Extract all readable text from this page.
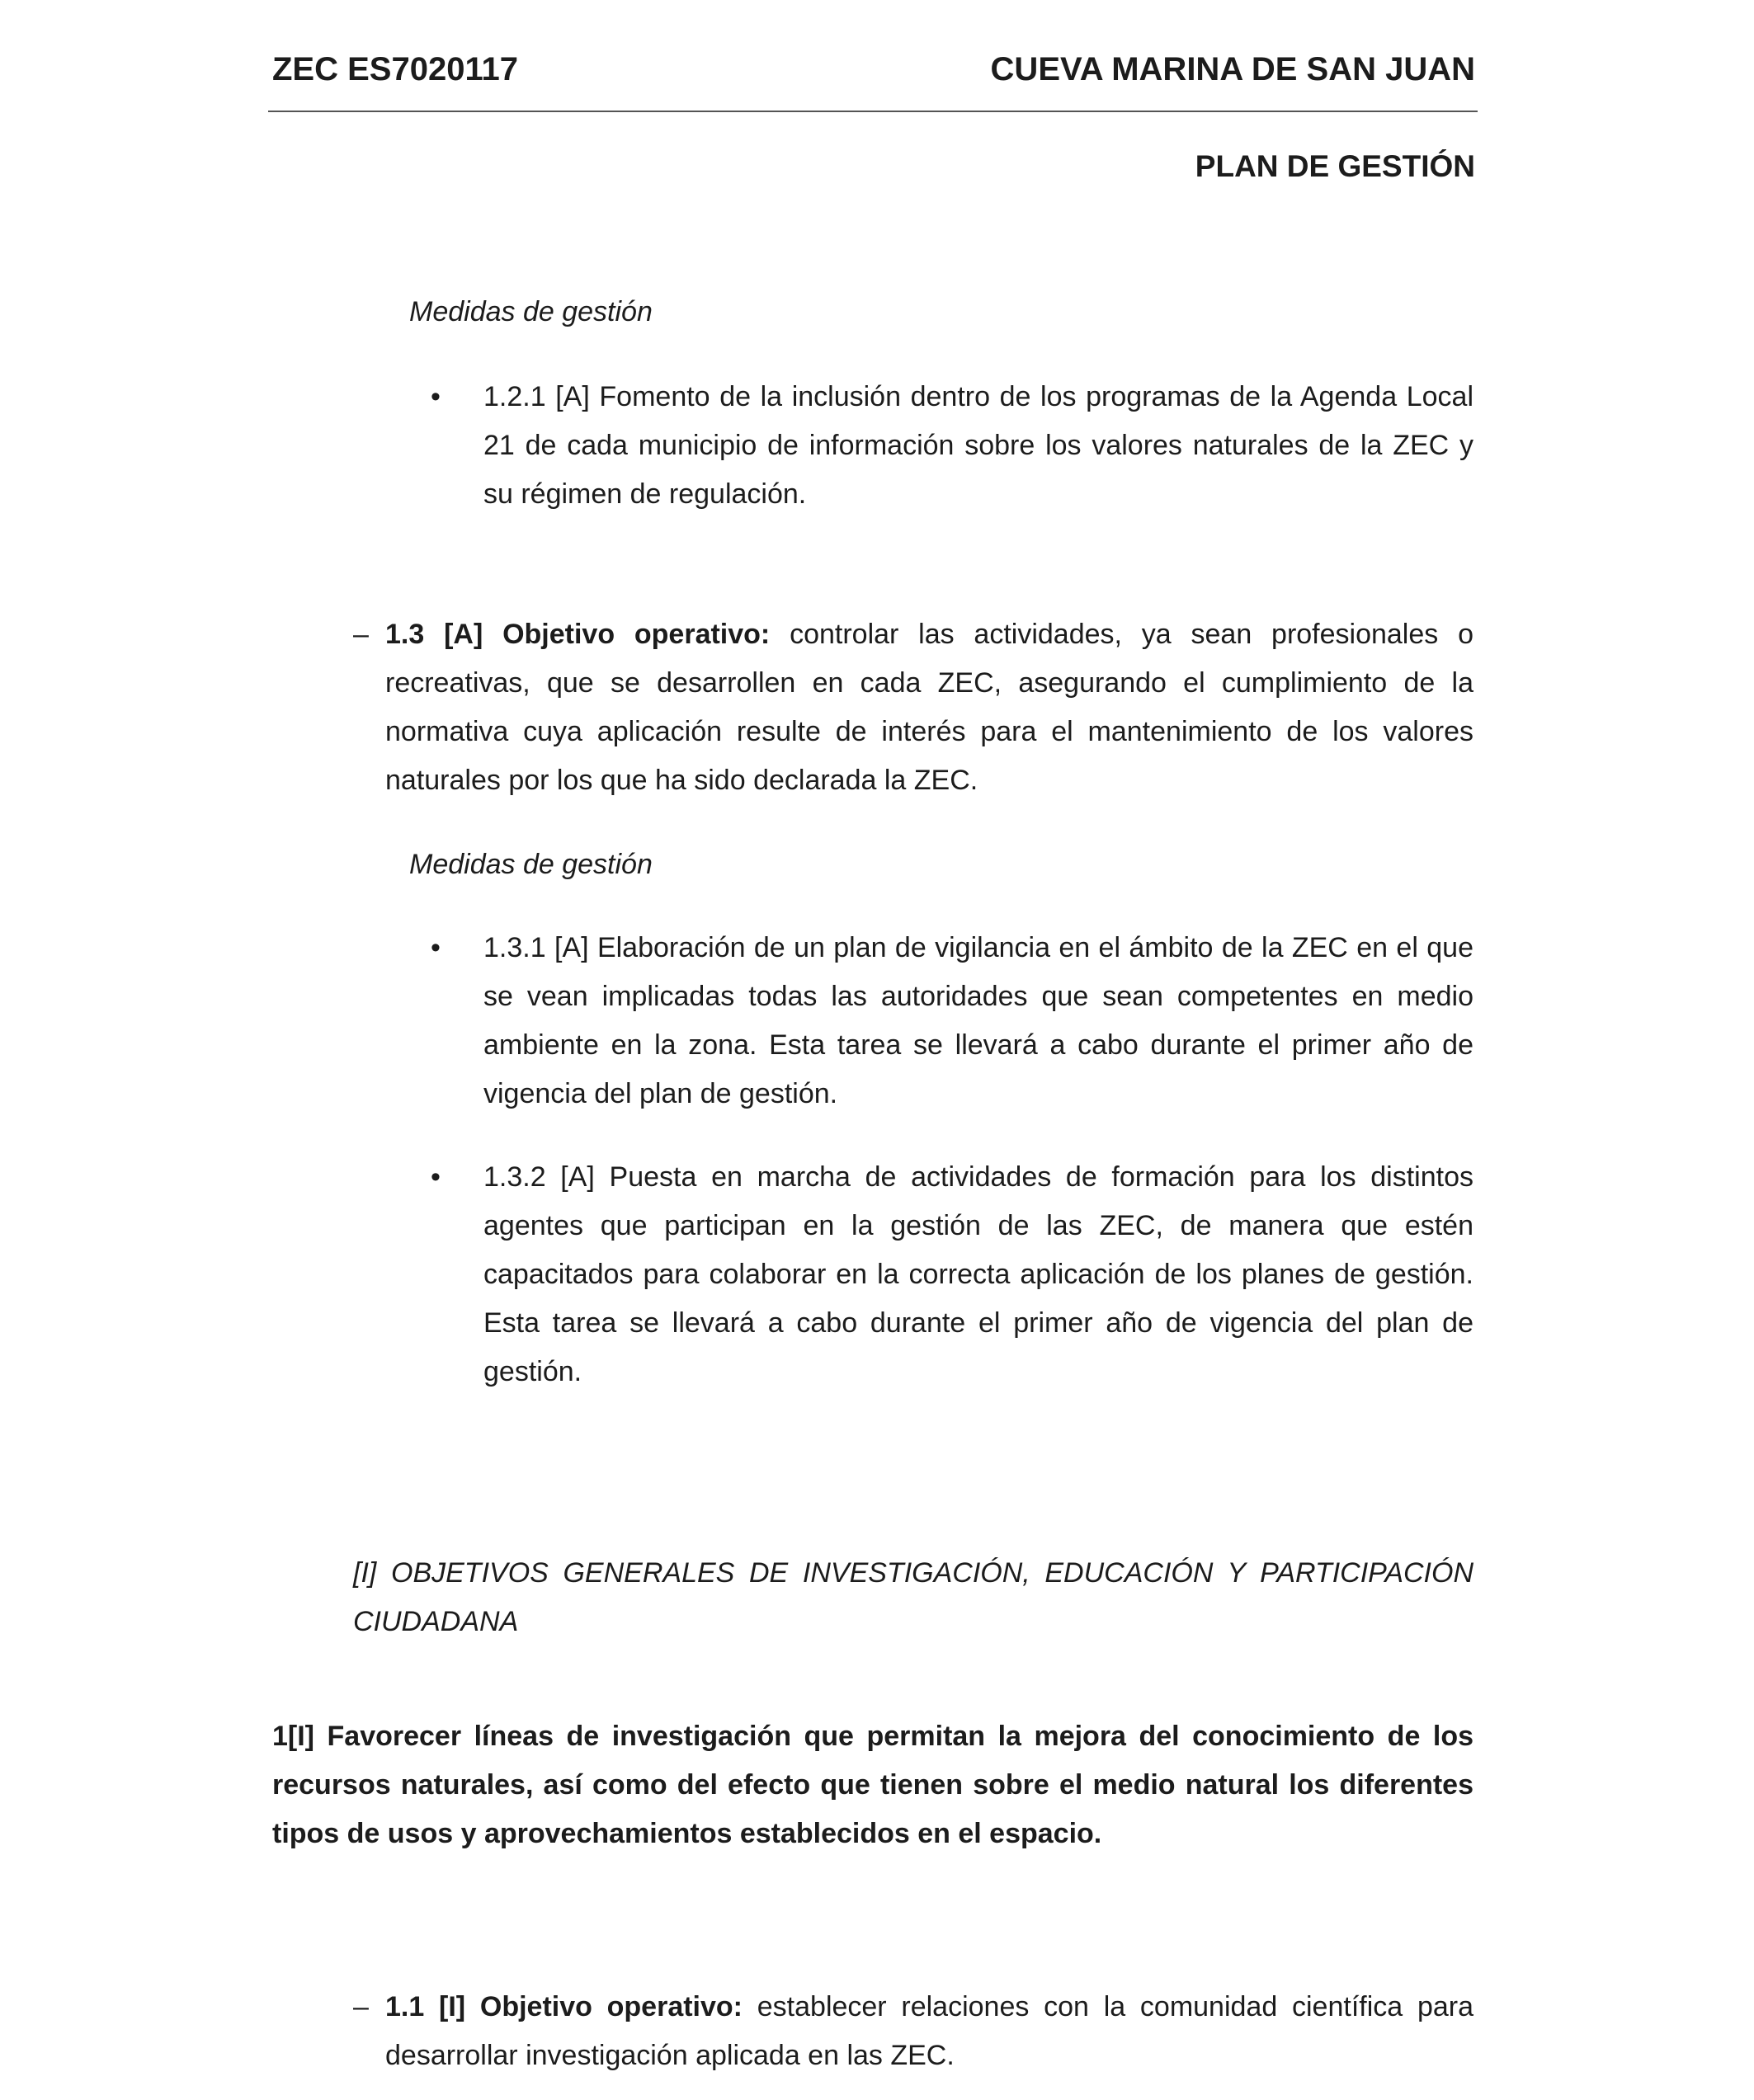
ZEC ES7020117	CUEVA MARINA DE SAN JUAN
PLAN DE GESTIÓN
Medidas de gestión
• 1.2.1 [A] Fomento de la inclusión dentro de los programas de la Agenda Local 21 de cada municipio de información sobre los valores naturales de la ZEC y su régimen de regulación.
– 1.3 [A] Objetivo operativo: controlar las actividades, ya sean profesionales o recreativas, que se desarrollen en cada ZEC, asegurando el cumplimiento de la normativa cuya aplicación resulte de interés para el mantenimiento de los valores naturales por los que ha sido declarada la ZEC.
Medidas de gestión
• 1.3.1 [A] Elaboración de un plan de vigilancia en el ámbito de la ZEC en el que se vean implicadas todas las autoridades que sean competentes en medio ambiente en la zona. Esta tarea se llevará a cabo durante el primer año de vigencia del plan de gestión.
• 1.3.2 [A] Puesta en marcha de actividades de formación para los distintos agentes que participan en la gestión de las ZEC, de manera que estén capacitados para colaborar en la correcta aplicación de los planes de gestión. Esta tarea se llevará a cabo durante el primer año de vigencia del plan de gestión.
[I] OBJETIVOS GENERALES DE INVESTIGACIÓN, EDUCACIÓN Y PARTICIPACIÓN CIUDADANA
1[I] Favorecer líneas de investigación que permitan la mejora del conocimiento de los recursos naturales, así como del efecto que tienen sobre el medio natural los diferentes tipos de usos y aprovechamientos establecidos en el espacio.
– 1.1 [I] Objetivo operativo: establecer relaciones con la comunidad científica para desarrollar investigación aplicada en las ZEC.
